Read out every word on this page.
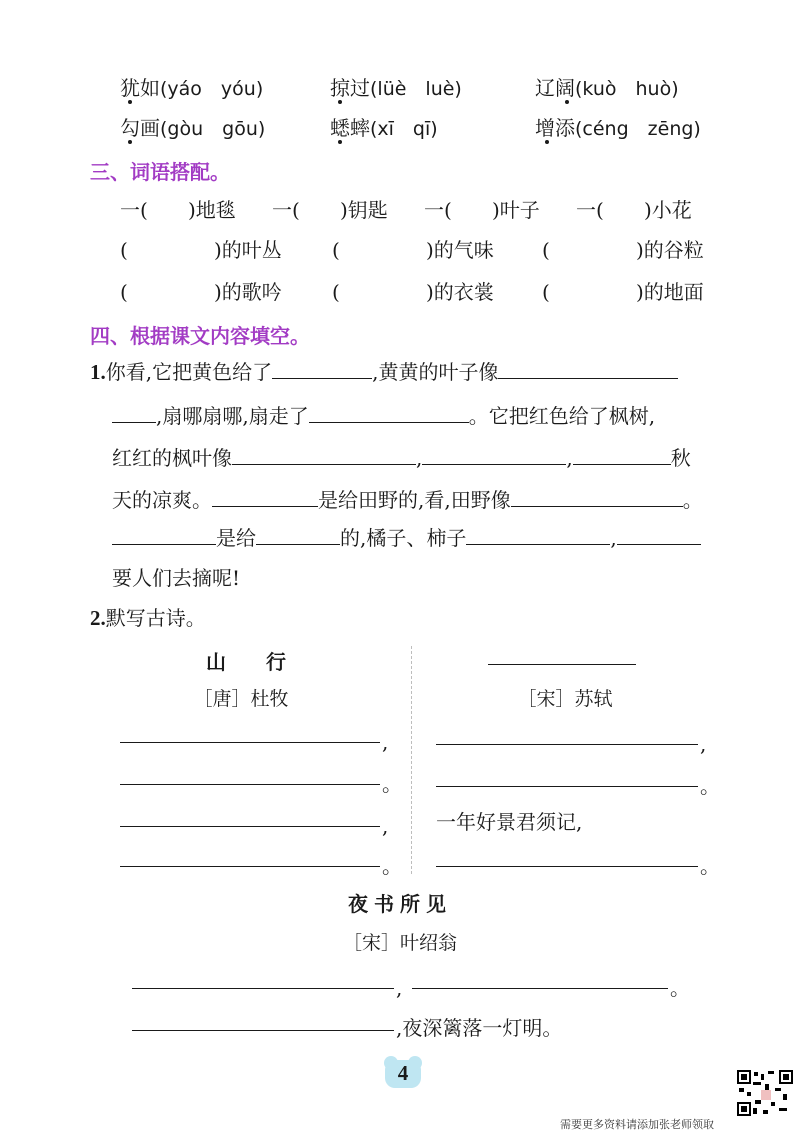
犹如(yáo　yóu)	掠过(lüè　luè)	辽阔(kuò　huò)
勾画(gòu　gōu)	蟋蟀(xī　qī)	增添(céng　zēng)
三、词语搭配。
一( )地毯 一( )钥匙 一( )叶子 一( )小花
(	)的叶丛	(	)的气味 (	)的谷粒
(	)的歌吟	(	)的衣裳 (	)的地面
四、根据课文内容填空。
1.你看,它把黄色给了	,黄黄的叶子像
,扇哪扇哪,扇走了	。它把红色给了枫树,
红红的枫叶像	,	,	秋
天的凉爽。	是给田野的,看,田野像	。
是给	的,橘子、柿子	,
要人们去摘呢!
2.默写古诗。
山　行
［唐］杜牧
,
。
,
。
［宋］苏轼
,
。
一年好景君须记,
。
夜书所见
［宋］叶绍翁
,	。
,夜深篱落一灯明。
4
需要更多资料请添加张老师领取
